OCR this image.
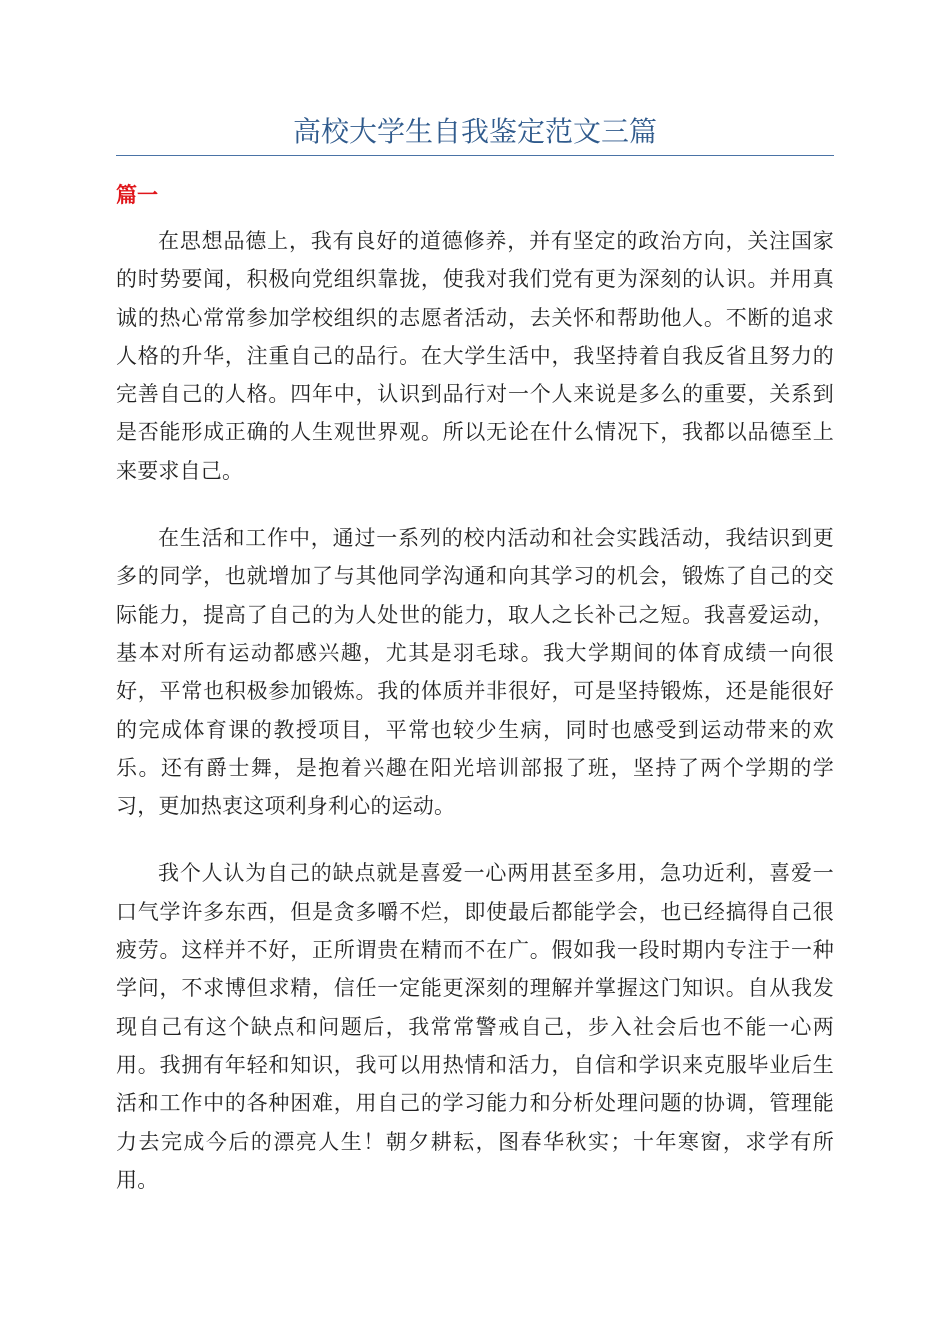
高校大学生自我鉴定范文三篇
篇一

在思想品德上，我有良好的道德修养，并有坚定的政治方向，关注国家的时势要闻，积极向党组织靠拢，使我对我们党有更为深刻的认识。并用真诚的热心常常参加学校组织的志愿者活动，去关怀和帮助他人。不断的追求人格的升华，注重自己的品行。在大学生活中，我坚持着自我反省且努力的完善自己的人格。四年中，认识到品行对一个人来说是多么的重要，关系到是否能形成正确的人生观世界观。所以无论在什么情况下，我都以品德至上来要求自己。

在生活和工作中，通过一系列的校内活动和社会实践活动，我结识到更多的同学，也就增加了与其他同学沟通和向其学习的机会，锻炼了自己的交际能力，提高了自己的为人处世的能力，取人之长补己之短。我喜爱运动，基本对所有运动都感兴趣，尤其是羽毛球。我大学期间的体育成绩一向很好，平常也积极参加锻炼。我的体质并非很好，可是坚持锻炼，还是能很好的完成体育课的教授项目，平常也较少生病，同时也感受到运动带来的欢乐。还有爵士舞，是抱着兴趣在阳光培训部报了班，坚持了两个学期的学习，更加热衷这项利身利心的运动。

我个人认为自己的缺点就是喜爱一心两用甚至多用，急功近利，喜爱一口气学许多东西，但是贪多嚼不烂，即使最后都能学会，也已经搞得自己很疲劳。这样并不好，正所谓贵在精而不在广。假如我一段时期内专注于一种学问，不求博但求精，信任一定能更深刻的理解并掌握这门知识。自从我发现自己有这个缺点和问题后，我常常警戒自己，步入社会后也不能一心两用。我拥有年轻和知识，我可以用热情和活力，自信和学识来克服毕业后生活和工作中的各种困难，用自己的学习能力和分析处理问题的协调，管理能力去完成今后的漂亮人生！朝夕耕耘，图春华秋实；十年寒窗，求学有所用。
